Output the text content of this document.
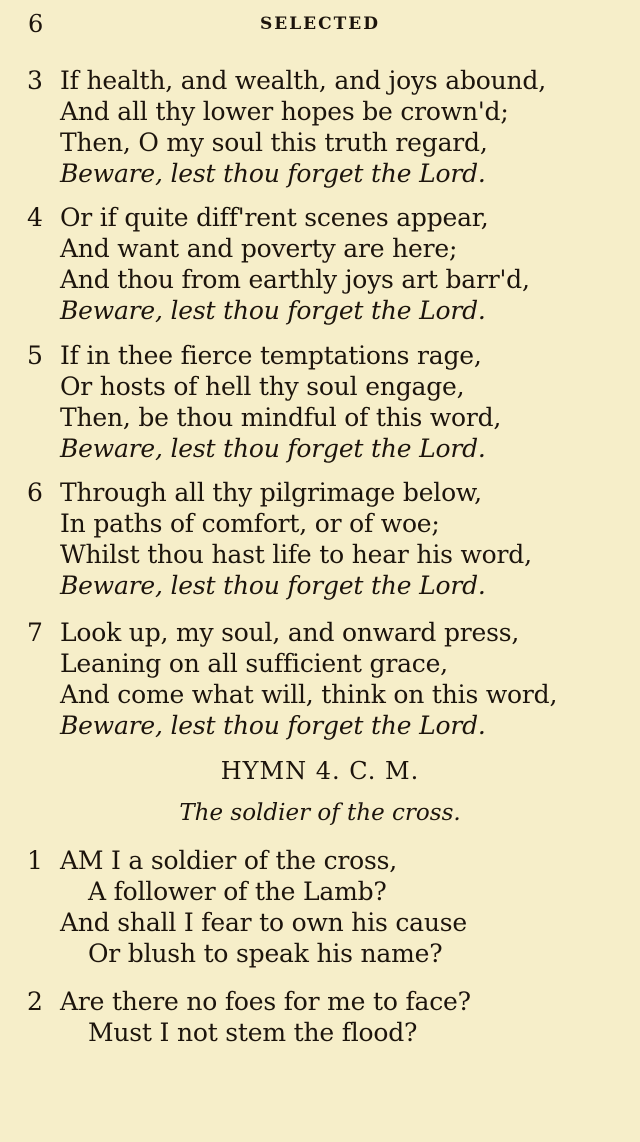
6	SELECTED
3 If health, and wealth, and joys abound,
And all thy lower hopes be crown'd;
Then, O my soul this truth regard,
Beware, lest thou forget the Lord.
4 Or if quite diff'rent scenes appear,
And want and poverty are here;
And thou from earthly joys art barr'd,
Beware, lest thou forget the Lord.
5 If in thee fierce temptations rage,
Or hosts of hell thy soul engage,
Then, be thou mindful of this word,
Beware, lest thou forget the Lord.
6 Through all thy pilgrimage below,
In paths of comfort, or of woe;
Whilst thou hast life to hear his word,
Beware, lest thou forget the Lord.
7 Look up, my soul, and onward press,
Leaning on all sufficient grace,
And come what will, think on this word,
Beware, lest thou forget the Lord.
HYMN 4. C. M.
The soldier of the cross.
1 AM I a soldier of the cross,
A follower of the Lamb?
And shall I fear to own his cause
Or blush to speak his name?
2 Are there no foes for me to face?
Must I not stem the flood?
